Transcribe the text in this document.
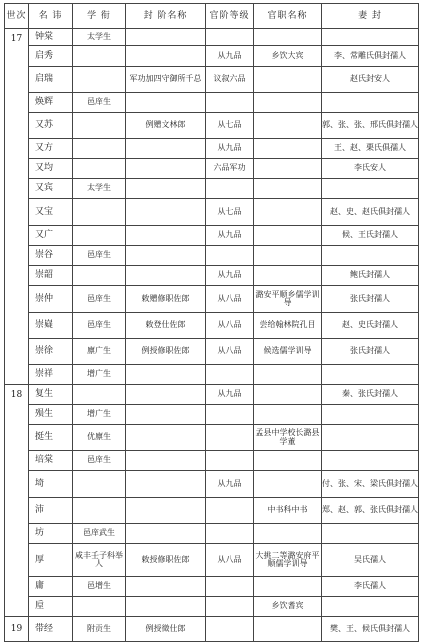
世次	名 讳	学 衔	封 阶名称	官阶等级	官职名称	妻 封
17	钟棠	太学生				
	启秀			从九品	乡饮大宾	李、常雕氏俱封孺人
	启瑞		军功加四守御所千总	议叙六品		赵氏封安人
	焕辉	邑庠生				
	又苏		例赠文林郎	从七品		郭、张、张、邢氏俱封孺人
	又方			从九品		王、赵、栗氏俱孺人
	又均			六品军功		李氏安人
	又宾	太学生				
	又宝			从七品		赵、史、赵氏俱封孺人
	又广			从九品		候、王氏封孺人
	崇谷	邑庠生				
	崇韶			从九品		鲍氏封孺人
	崇仲	邑庠生	敕赠修职佐郎	从八品	潞安平顺乡儒学训导	张氏封孺人
	崇嶷	邑庠生	敕登仕佐郎	从八品	尝给翰林院孔目	赵、史氏封孺人
	崇徐	廪广生	例授修职佐郎	从八品	候选儒学训导	张氏封孺人
	崇祥	增广生				
18	复生			从九品		秦、张氏封孺人
	殒生	增广生				
	挺生	优廪生			孟县中学校长潞县学董	
	培棠	邑庠生				
	埼			从九品		付、张、宋、梁氏俱封孺人
	沛				中书科中书	郑、赵、郭、张氏俱封孺人
	坊	邑庠武生				
	厚	咸丰壬子科举人	敕授修职佐郎	从八品	大挑二等潞安府平顺儒学训导	吴氏孺人
	庸	邑增生				李氏孺人
	垕				乡饮耆宾	
19	带经	附贡生	例授徵仕郎			樊、王、候氏俱封孺人
